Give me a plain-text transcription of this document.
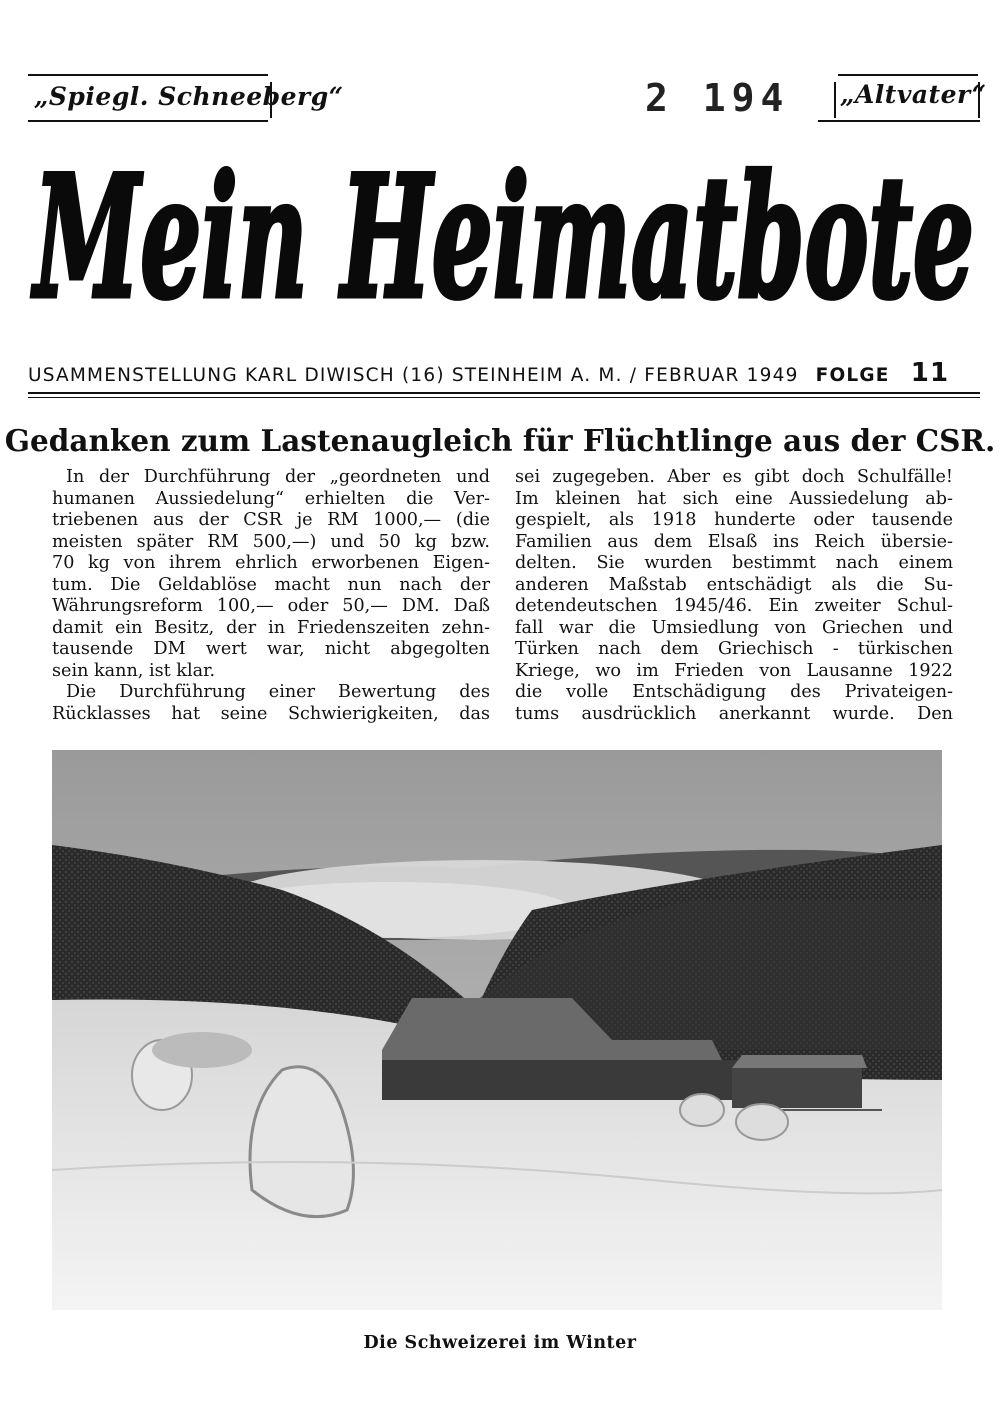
„Spiegl. Schneeberg“	2 194 „Altvater“
Mein Heimatbote
USAMMENSTELLUNG KARL DIWISCH (16) STEINHEIM A. M. / FEBRUAR 1949 FOLGE 11
Gedanken zum Lastenaugleich für Flüchtlinge aus der CSR.

In der Durchführung der „geordneten und

humanen Aussiedelung“ erhielten die Ver-

triebenen aus der CSR je RM 1000,— (die

meisten später RM 500,—) und 50 kg bzw.

70 kg von ihrem ehrlich erworbenen Eigen-

tum. Die Geldablöse macht nun nach der

Währungsreform 100,— oder 50,— DM. Daß

damit ein Besitz, der in Friedenszeiten zehn-

tausende DM wert war, nicht abgegolten

sein kann, ist klar.

Die Durchführung einer Bewertung des

Rücklasses hat seine Schwierigkeiten, das

sei zugegeben. Aber es gibt doch Schulfälle!

Im kleinen hat sich eine Aussiedelung ab-

gespielt, als 1918 hunderte oder tausende

Familien aus dem Elsaß ins Reich übersie-

delten. Sie wurden bestimmt nach einem

anderen Maßstab entschädigt als die Su-

detendeutschen 1945/46. Ein zweiter Schul-

fall war die Umsiedlung von Griechen und

Türken nach dem Griechisch - türkischen

Kriege, wo im Frieden von Lausanne 1922

die volle Entschädigung des Privateigen-

tums ausdrücklich anerkannt wurde. Den

Die Schweizerei im Winter
